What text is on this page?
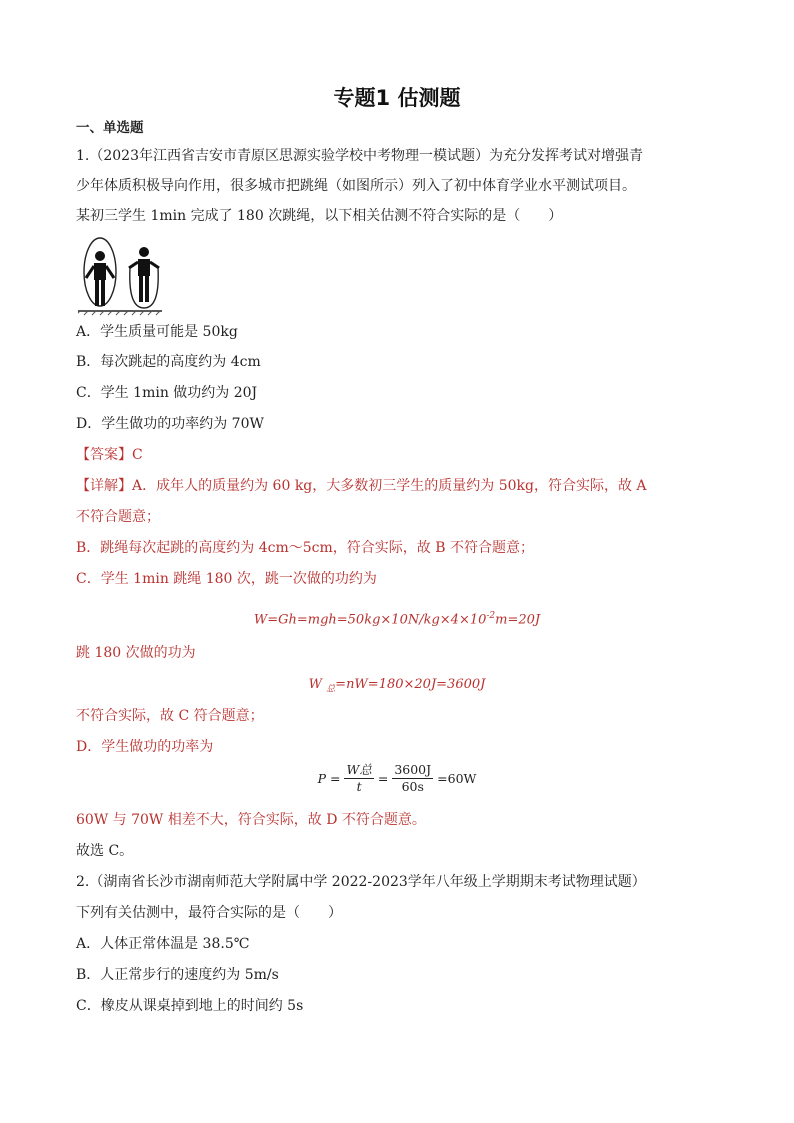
专题1 估测题
一、单选题
1.（2023年江西省吉安市青原区思源实验学校中考物理一模试题）为充分发挥考试对增强青
少年体质积极导向作用，很多城市把跳绳（如图所示）列入了初中体育学业水平测试项目。
某初三学生 1min 完成了 180 次跳绳，以下相关估测不符合实际的是（　　）
A．学生质量可能是 50kg
B．每次跳起的高度约为 4cm
C．学生 1min 做功约为 20J
D．学生做功的功率约为 70W
【答案】C
【详解】A．成年人的质量约为 60 kg，大多数初三学生的质量约为 50kg，符合实际，故 A
不符合题意；
B．跳绳每次起跳的高度约为 4cm～5cm，符合实际，故 B 不符合题意；
C．学生 1min 跳绳 180 次，跳一次做的功约为
$W=Gh=mgh=50kg\times 10N/kg\times 4\times 10^{-2}m=20J$
跳 180 次做的功为
W $_总$=nW=180×20J=3600J
不符合实际，故 C 符合题意；
D．学生做功的功率为
$P = \frac{\text{W总}}{t} = \frac{3600J}{60s} =60W$
60W 与 70W 相差不大，符合实际，故 D 不符合题意。
故选 C。
2.（湖南省长沙市湖南师范大学附属中学 2022-2023学年八年级上学期期末考试物理试题）
下列有关估测中，最符合实际的是（　　）
A．人体正常体温是 38.5℃
B．人正常步行的速度约为 5m/s
C．橡皮从课桌掉到地上的时间约 5s
